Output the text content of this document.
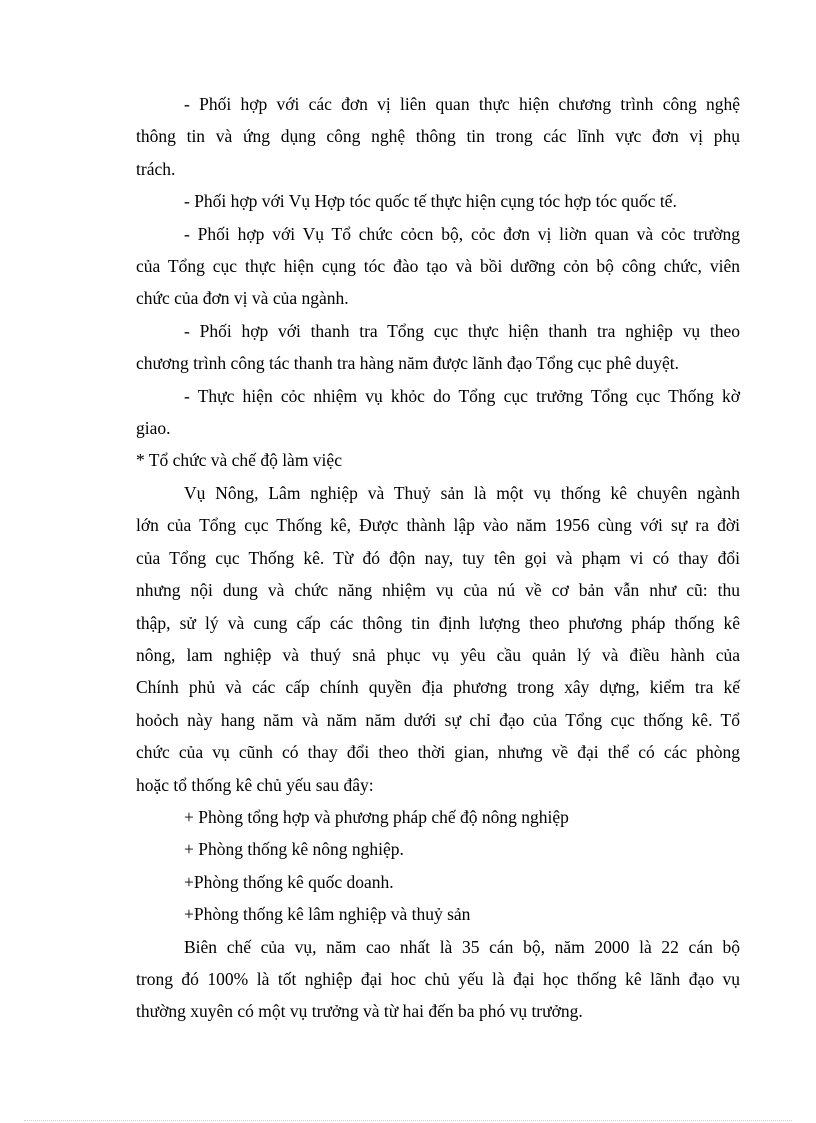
- Phối hợp với các đơn vị liên quan thực hiện chương trình công nghệ
thông tin và ứng dụng công nghệ thông tin trong các lĩnh vực đơn vị phụ
trách.

- Phối hợp với Vụ Hợp tóc quốc tế thực hiện cụng tóc hợp tóc quốc tế.

- Phối hợp với Vụ Tổ chức cỏcn bộ, cỏc đơn vị liờn quan và cỏc trường
của Tổng cục thực hiện cụng tóc đào tạo và bồi dưỡng cỏn bộ công chức, viên
chức của đơn vị và của ngành.

- Phối hợp với thanh tra Tổng cục thực hiện thanh tra nghiệp vụ theo
chương trình công tác thanh tra hàng năm được lãnh đạo Tổng cục phê duyệt.

- Thực hiện cỏc nhiệm vụ khỏc do Tổng cục trưởng Tổng cục Thống kờ
giao.

* Tổ chức và chế độ làm việc

Vụ Nông, Lâm nghiệp và Thuỷ sản là một vụ thống kê chuyên ngành
lớn của Tổng cục Thống kê, Được thành lập vào năm 1956 cùng với sự ra đời
của Tổng cục Thống kê. Từ đó độn nay, tuy tên gọi và phạm vi có thay đổi
nhưng nội dung và chức năng nhiệm vụ của nú về cơ bản vẫn như cũ: thu
thập, sử lý và cung cấp các thông tin định lượng theo phương pháp thống kê
nông, lam nghiệp và thuý snả phục vụ yêu cầu quản lý và điều hành của
Chính phủ và các cấp chính quyền địa phương trong xây dựng, kiểm tra kế
hoỏch này hang năm và năm năm dưới sự chỉ đạo của Tổng cục thống kê. Tổ
chức của vụ cũnh có thay đổi theo thời gian, nhưng về đại thể có các phòng
hoặc tổ thống kê chủ yếu sau đây:

+ Phòng tổng hợp và phương pháp chế độ nông nghiệp

+ Phòng thống kê nông nghiệp.

+Phòng thống kê quốc doanh.

+Phòng thống kê lâm nghiệp và thuỷ sản

Biên chế của vụ, năm cao nhất là 35 cán bộ, năm 2000 là 22 cán bộ
trong đó 100% là tốt nghiệp đại hoc chủ yếu là đại học thống kê lãnh đạo vụ
thường xuyên có một vụ trưởng và từ hai đến ba phó vụ trưởng.
